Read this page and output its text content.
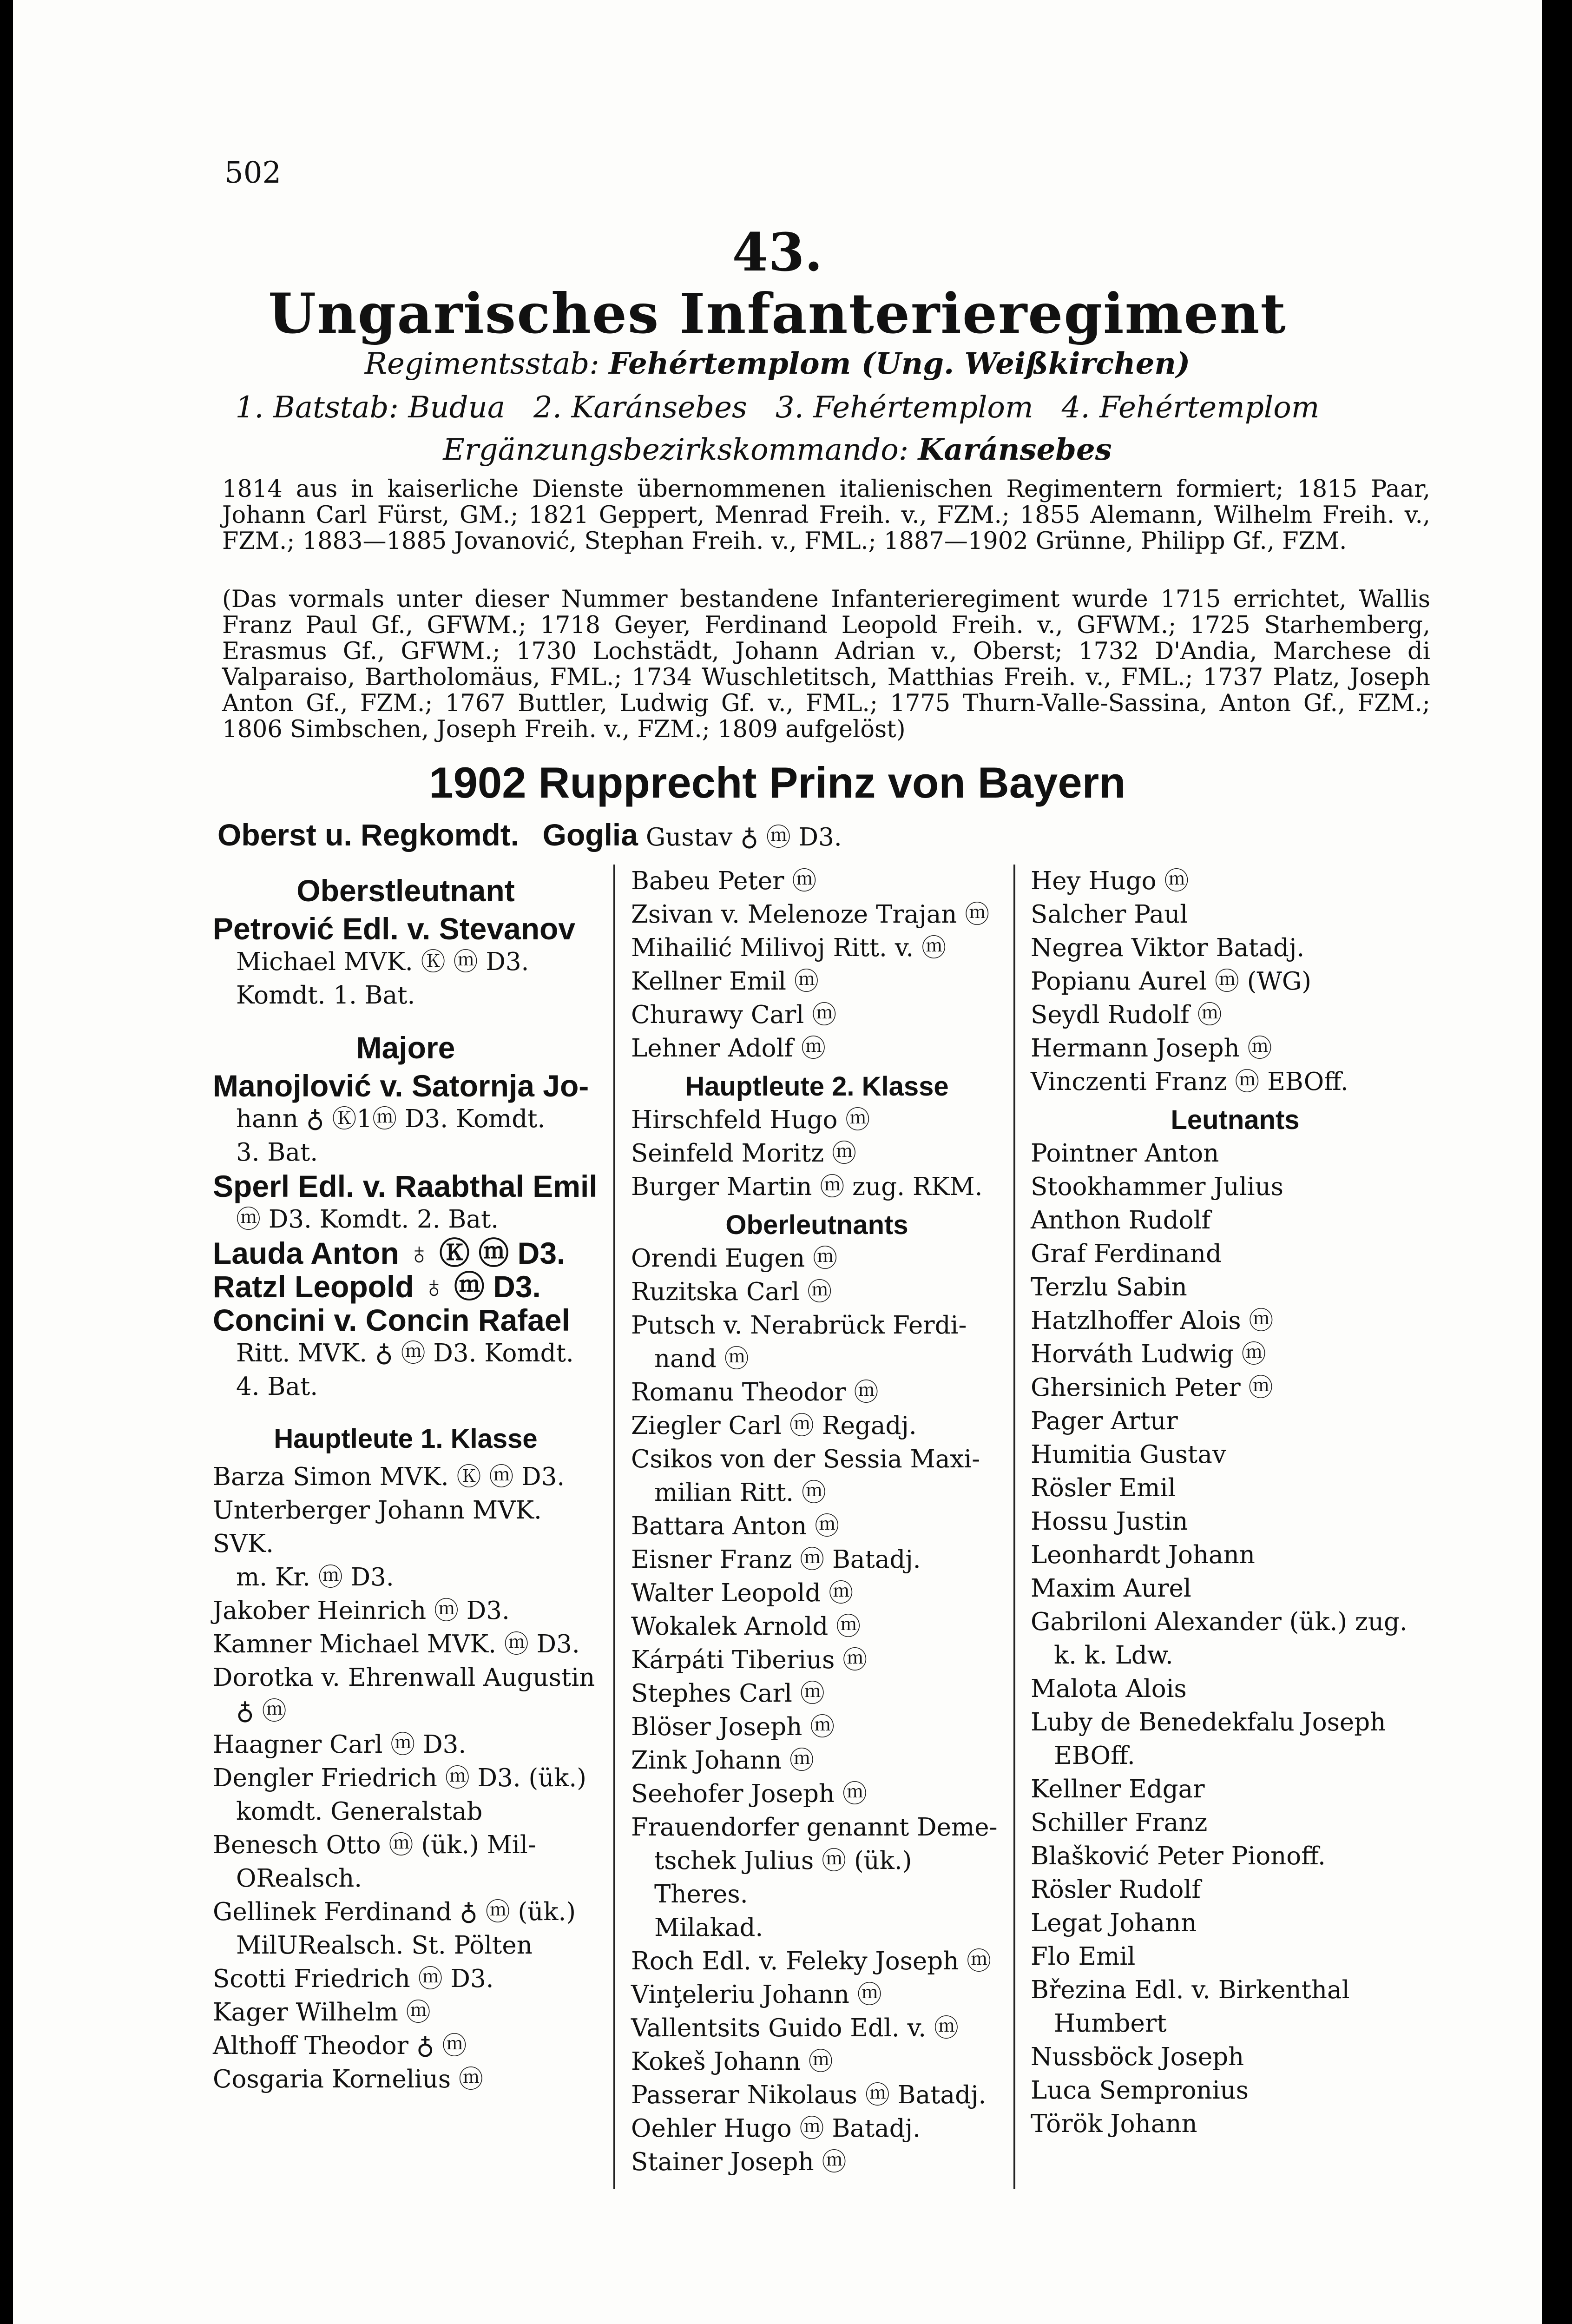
502
43.
Ungarisches Infanterieregiment
Regimentsstab: Fehértemplom (Ung. Weißkirchen)
1. Batstab: Budua   2. Karánsebes   3. Fehértemplom   4. Fehértemplom
Ergänzungsbezirkskommando: Karánsebes

1814 aus in kaiserliche Dienste übernommenen italienischen Regimentern formiert; 1815 Paar, Johann Carl Fürst, GM.; 1821 Geppert, Menrad Freih. v., FZM.; 1855 Alemann, Wilhelm Freih. v., FZM.; 1883—1885 Jovanović, Stephan Freih. v., FML.; 1887—1902 Grünne, Philipp Gf., FZM.

(Das vormals unter dieser Nummer bestandene Infanterieregiment wurde 1715 errichtet, Wallis Franz Paul Gf., GFWM.; 1718 Geyer, Ferdinand Leopold Freih. v., GFWM.; 1725 Starhemberg, Erasmus Gf., GFWM.; 1730 Lochstädt, Johann Adrian v., Oberst; 1732 D'Andia, Marchese di Valparaiso, Bartholomäus, FML.; 1734 Wuschletitsch, Matthias Freih. v., FML.; 1737 Platz, Joseph Anton Gf., FZM.; 1767 Buttler, Ludwig Gf. v., FML.; 1775 Thurn-Valle-Sassina, Anton Gf., FZM.; 1806 Simbschen, Joseph Freih. v., FZM.; 1809 aufgelöst)

1902 Rupprecht Prinz von Bayern
Oberst u. Regkomdt. Goglia Gustav ♁ ⓜ D3.
Oberstleutnant
Petrović Edl. v. Stevanov
Michael MVK. Ⓚ ⓜ D3.
Komdt. 1. Bat.
Majore
Manojlović v. Satornja Jo-
hann ♁ Ⓚ1ⓜ D3. Komdt.
3. Bat.
Sperl Edl. v. Raabthal Emil
ⓜ D3. Komdt. 2. Bat.
Lauda Anton ♁ Ⓚ ⓜ D3.
Ratzl Leopold ♁ ⓜ D3.
Concini v. Concin Rafael
Ritt. MVK. ♁ ⓜ D3. Komdt.
4. Bat.
Hauptleute 1. Klasse
Barza Simon MVK. Ⓚ ⓜ D3.
Unterberger Johann MVK. SVK.
m. Kr. ⓜ D3.
Jakober Heinrich ⓜ D3.
Kamner Michael MVK. ⓜ D3.
Dorotka v. Ehrenwall Augustin
♁ ⓜ
Haagner Carl ⓜ D3.
Dengler Friedrich ⓜ D3. (ük.)
komdt. Generalstab
Benesch Otto ⓜ (ük.) Mil-
ORealsch.
Gellinek Ferdinand ♁ ⓜ (ük.)
MilURealsch. St. Pölten
Scotti Friedrich ⓜ D3.
Kager Wilhelm ⓜ
Althoff Theodor ♁ ⓜ
Cosgaria Kornelius ⓜ
Babeu Peter ⓜ
Zsivan v. Melenoze Trajan ⓜ
Mihailić Milivoj Ritt. v. ⓜ
Kellner Emil ⓜ
Churawy Carl ⓜ
Lehner Adolf ⓜ
Hauptleute 2. Klasse
Hirschfeld Hugo ⓜ
Seinfeld Moritz ⓜ
Burger Martin ⓜ zug. RKM.
Oberleutnants
Orendi Eugen ⓜ
Ruzitska Carl ⓜ
Putsch v. Nerabrück Ferdi-
nand ⓜ
Romanu Theodor ⓜ
Ziegler Carl ⓜ Regadj.
Csikos von der Sessia Maxi-
milian Ritt. ⓜ
Battara Anton ⓜ
Eisner Franz ⓜ Batadj.
Walter Leopold ⓜ
Wokalek Arnold ⓜ
Kárpáti Tiberius ⓜ
Stephes Carl ⓜ
Blöser Joseph ⓜ
Zink Johann ⓜ
Seehofer Joseph ⓜ
Frauendorfer genannt Deme-
tschek Julius ⓜ (ük.) Theres.
Milakad.
Roch Edl. v. Feleky Joseph ⓜ
Vinţeleriu Johann ⓜ
Vallentsits Guido Edl. v. ⓜ
Kokeš Johann ⓜ
Passerar Nikolaus ⓜ Batadj.
Oehler Hugo ⓜ Batadj.
Stainer Joseph ⓜ
Hey Hugo ⓜ
Salcher Paul
Negrea Viktor Batadj.
Popianu Aurel ⓜ (WG)
Seydl Rudolf ⓜ
Hermann Joseph ⓜ
Vinczenti Franz ⓜ EBOff.
Leutnants
Pointner Anton
Stookhammer Julius
Anthon Rudolf
Graf Ferdinand
Terzlu Sabin
Hatzlhoffer Alois ⓜ
Horváth Ludwig ⓜ
Ghersinich Peter ⓜ
Pager Artur
Humitia Gustav
Rösler Emil
Hossu Justin
Leonhardt Johann
Maxim Aurel
Gabriloni Alexander (ük.) zug.
k. k. Ldw.
Malota Alois
Luby de Benedekfalu Joseph
EBOff.
Kellner Edgar
Schiller Franz
Blašković Peter Pionoff.
Rösler Rudolf
Legat Johann
Flo Emil
Březina Edl. v. Birkenthal
Humbert
Nussböck Joseph
Luca Sempronius
Török Johann
